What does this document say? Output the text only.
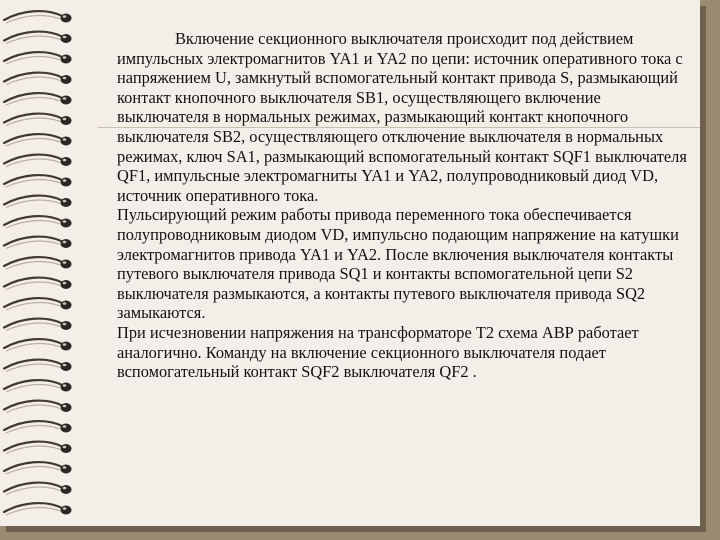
Включение секционного выключателя происходит под действием импульсных электромагнитов YA1 и YA2 по цепи: источник оперативного тока с напряжением U, замкнутый вспомогательный контакт привода S, размыкающий контакт кнопочного выключателя SB1, осуществляющего включение выключателя в нормальных режимах, размыкающий контакт кнопочного выключателя SB2, осуществляющего отключение выключателя в нормальных режимах, ключ SA1, размыкающий вспомогательный контакт SQF1 выключателя QF1, импульсные электромагниты YA1 и YA2, полупроводниковый диод VD, источник оперативного тока.

Пульсирующий режим работы привода переменного тока обеспечивается полупроводниковым диодом VD, импульсно подающим напряжение на катушки электромагнитов привода YA1 и YA2. После включения выключателя контакты путевого выключателя привода SQ1 и контакты вспомогательной цепи S2 выключателя размыкаются, а контакты путевого выключателя привода SQ2 замыкаются.

При исчезновении напряжения на трансформаторе Т2 схема АВР работает аналогично. Команду на включение секционного выключателя подает вспомогательный контакт SQF2 выключателя QF2 .
